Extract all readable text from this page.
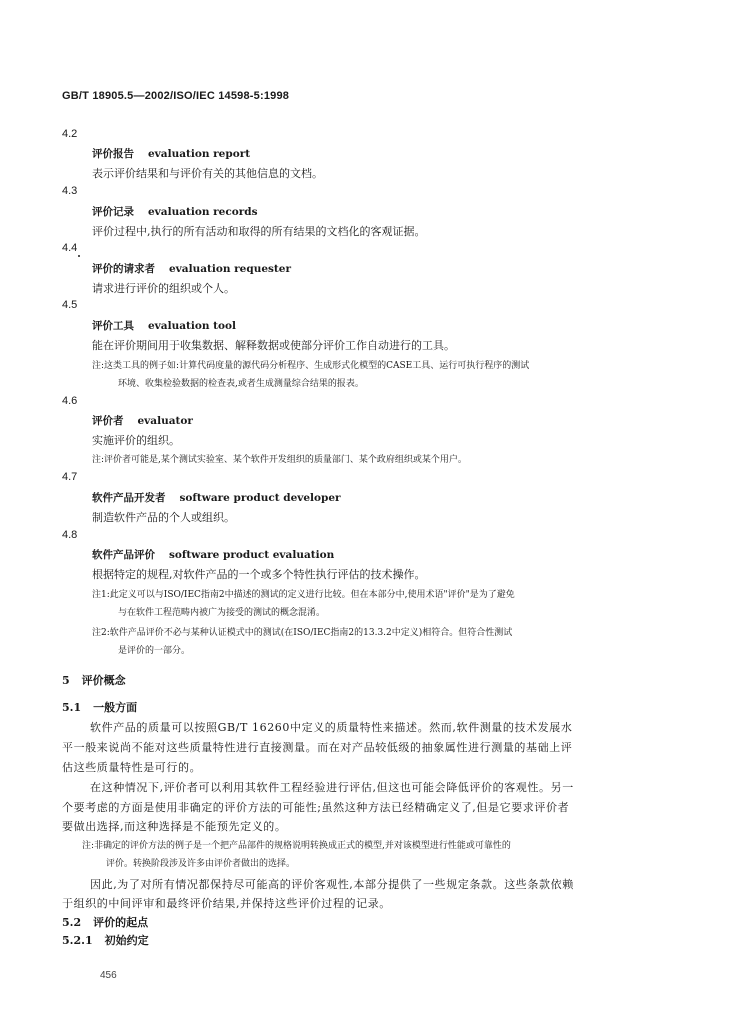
GB/T 18905.5—2002/ISO/IEC 14598-5:1998
4.2
评价报告 evaluation report
表示评价结果和与评价有关的其他信息的文档。
4.3
评价记录 evaluation records
评价过程中,执行的所有活动和取得的所有结果的文档化的客观证据。
4.4
评价的请求者 evaluation requester
请求进行评价的组织或个人。
4.5
评价工具 evaluation tool
能在评价期间用于收集数据、解释数据或使部分评价工作自动进行的工具。
注:这类工具的例子如:计算代码度量的源代码分析程序、生成形式化模型的CASE工具、运行可执行程序的测试
环境、收集检验数据的检查表,或者生成测量综合结果的报表。
4.6
评价者 evaluator
实施评价的组织。
注:评价者可能是,某个测试实验室、某个软件开发组织的质量部门、某个政府组织或某个用户。
4.7
软件产品开发者 software product developer
制造软件产品的个人或组织。
4.8
软件产品评价 software product evaluation
根据特定的规程,对软件产品的一个或多个特性执行评估的技术操作。
注1:此定义可以与ISO/IEC指南2中描述的测试的定义进行比较。但在本部分中,使用术语"评价"是为了避免
与在软件工程范畴内被广为接受的测试的概念混淆。
注2:软件产品评价不必与某种认证模式中的测试(在ISO/IEC指南2的13.3.2中定义)相符合。但符合性测试
是评价的一部分。
5 评价概念
5.1 一般方面
软件产品的质量可以按照GB/T 16260中定义的质量特性来描述。然而,软件测量的技术发展水
平一般来说尚不能对这些质量特性进行直接测量。而在对产品较低级的抽象属性进行测量的基础上评
估这些质量特性是可行的。
在这种情况下,评价者可以利用其软件工程经验进行评估,但这也可能会降低评价的客观性。另一
个要考虑的方面是使用非确定的评价方法的可能性;虽然这种方法已经精确定义了,但是它要求评价者
要做出选择,而这种选择是不能预先定义的。
注:非确定的评价方法的例子是一个把产品部件的规格说明转换成正式的模型,并对该模型进行性能或可靠性的
评价。转换阶段涉及许多由评价者做出的选择。
因此,为了对所有情况都保持尽可能高的评价客观性,本部分提供了一些规定条款。这些条款依赖
于组织的中间评审和最终评价结果,并保持这些评价过程的记录。
5.2 评价的起点
5.2.1 初始约定
456
